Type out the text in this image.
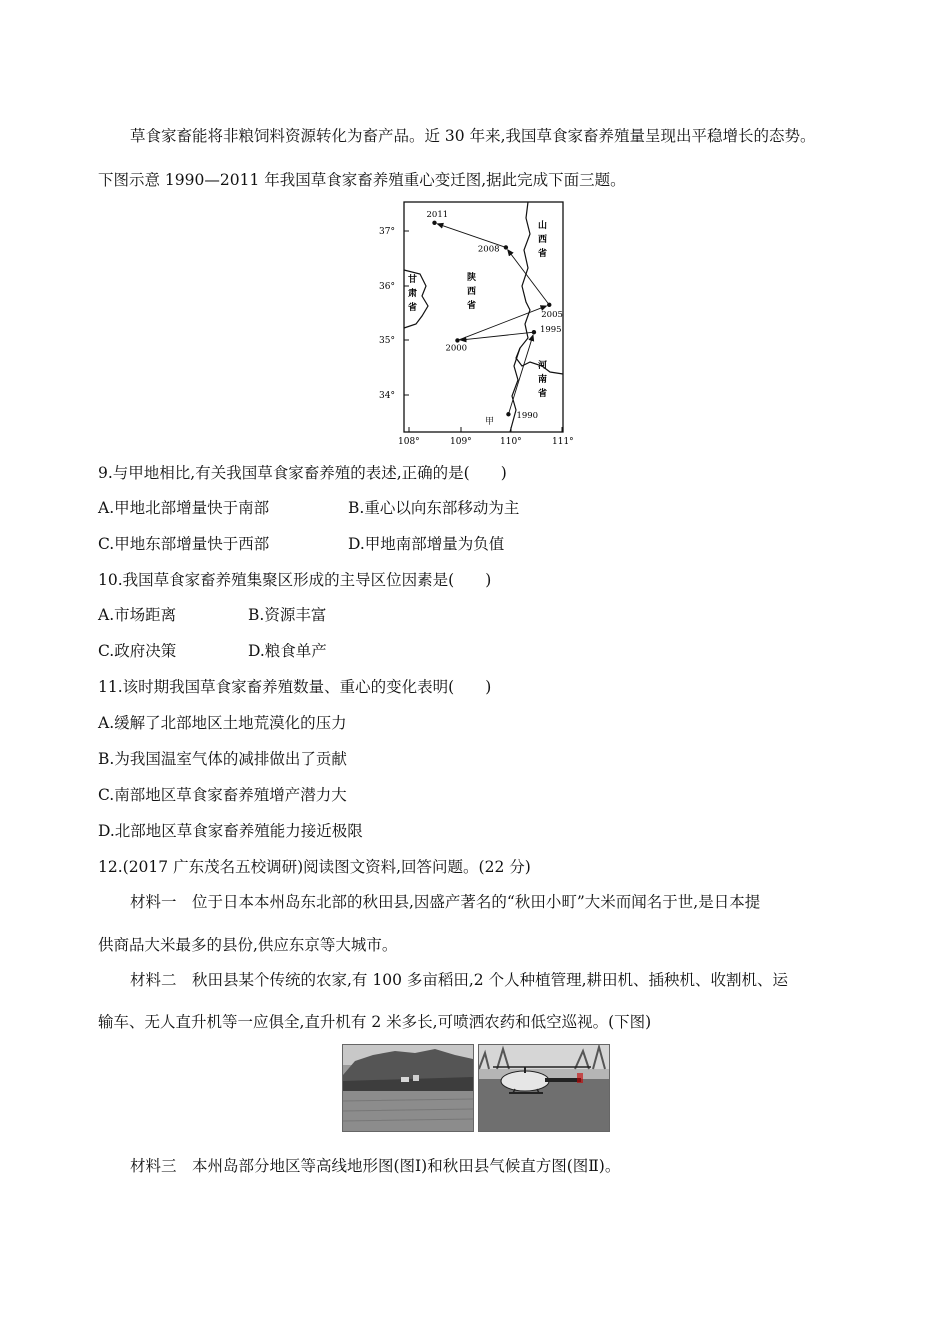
草食家畜能将非粮饲料资源转化为畜产品。近 30 年来,我国草食家畜养殖量呈现出平稳增长的态势。
下图示意 1990—2011 年我国草食家畜养殖重心变迁图,据此完成下面三题。
37°
36°
35°
34°
108°	109°	110°	111°
山
西
省
陕
西
省
甘
肃
省
河
南
省
甲
1990
1995
2000
2005
2008
2011
9.与甲地相比,有关我国草食家畜养殖的表述,正确的是(　　)
A.甲地北部增量快于南部	B.重心以向东部移动为主
C.甲地东部增量快于西部	D.甲地南部增量为负值
10.我国草食家畜养殖集聚区形成的主导区位因素是(　　)
A.市场距离	B.资源丰富
C.政府决策	D.粮食单产
11.该时期我国草食家畜养殖数量、重心的变化表明(　　)
A.缓解了北部地区土地荒漠化的压力
B.为我国温室气体的减排做出了贡献
C.南部地区草食家畜养殖增产潜力大
D.北部地区草食家畜养殖能力接近极限
12.(2017 广东茂名五校调研)阅读图文资料,回答问题。(22 分)
材料一　位于日本本州岛东北部的秋田县,因盛产著名的“秋田小町”大米而闻名于世,是日本提
供商品大米最多的县份,供应东京等大城市。
材料二　秋田县某个传统的农家,有 100 多亩稻田,2 个人种植管理,耕田机、插秧机、收割机、运
输车、无人直升机等一应俱全,直升机有 2 米多长,可喷洒农药和低空巡视。(下图)
材料三　本州岛部分地区等高线地形图(图Ⅰ)和秋田县气候直方图(图Ⅱ)。
